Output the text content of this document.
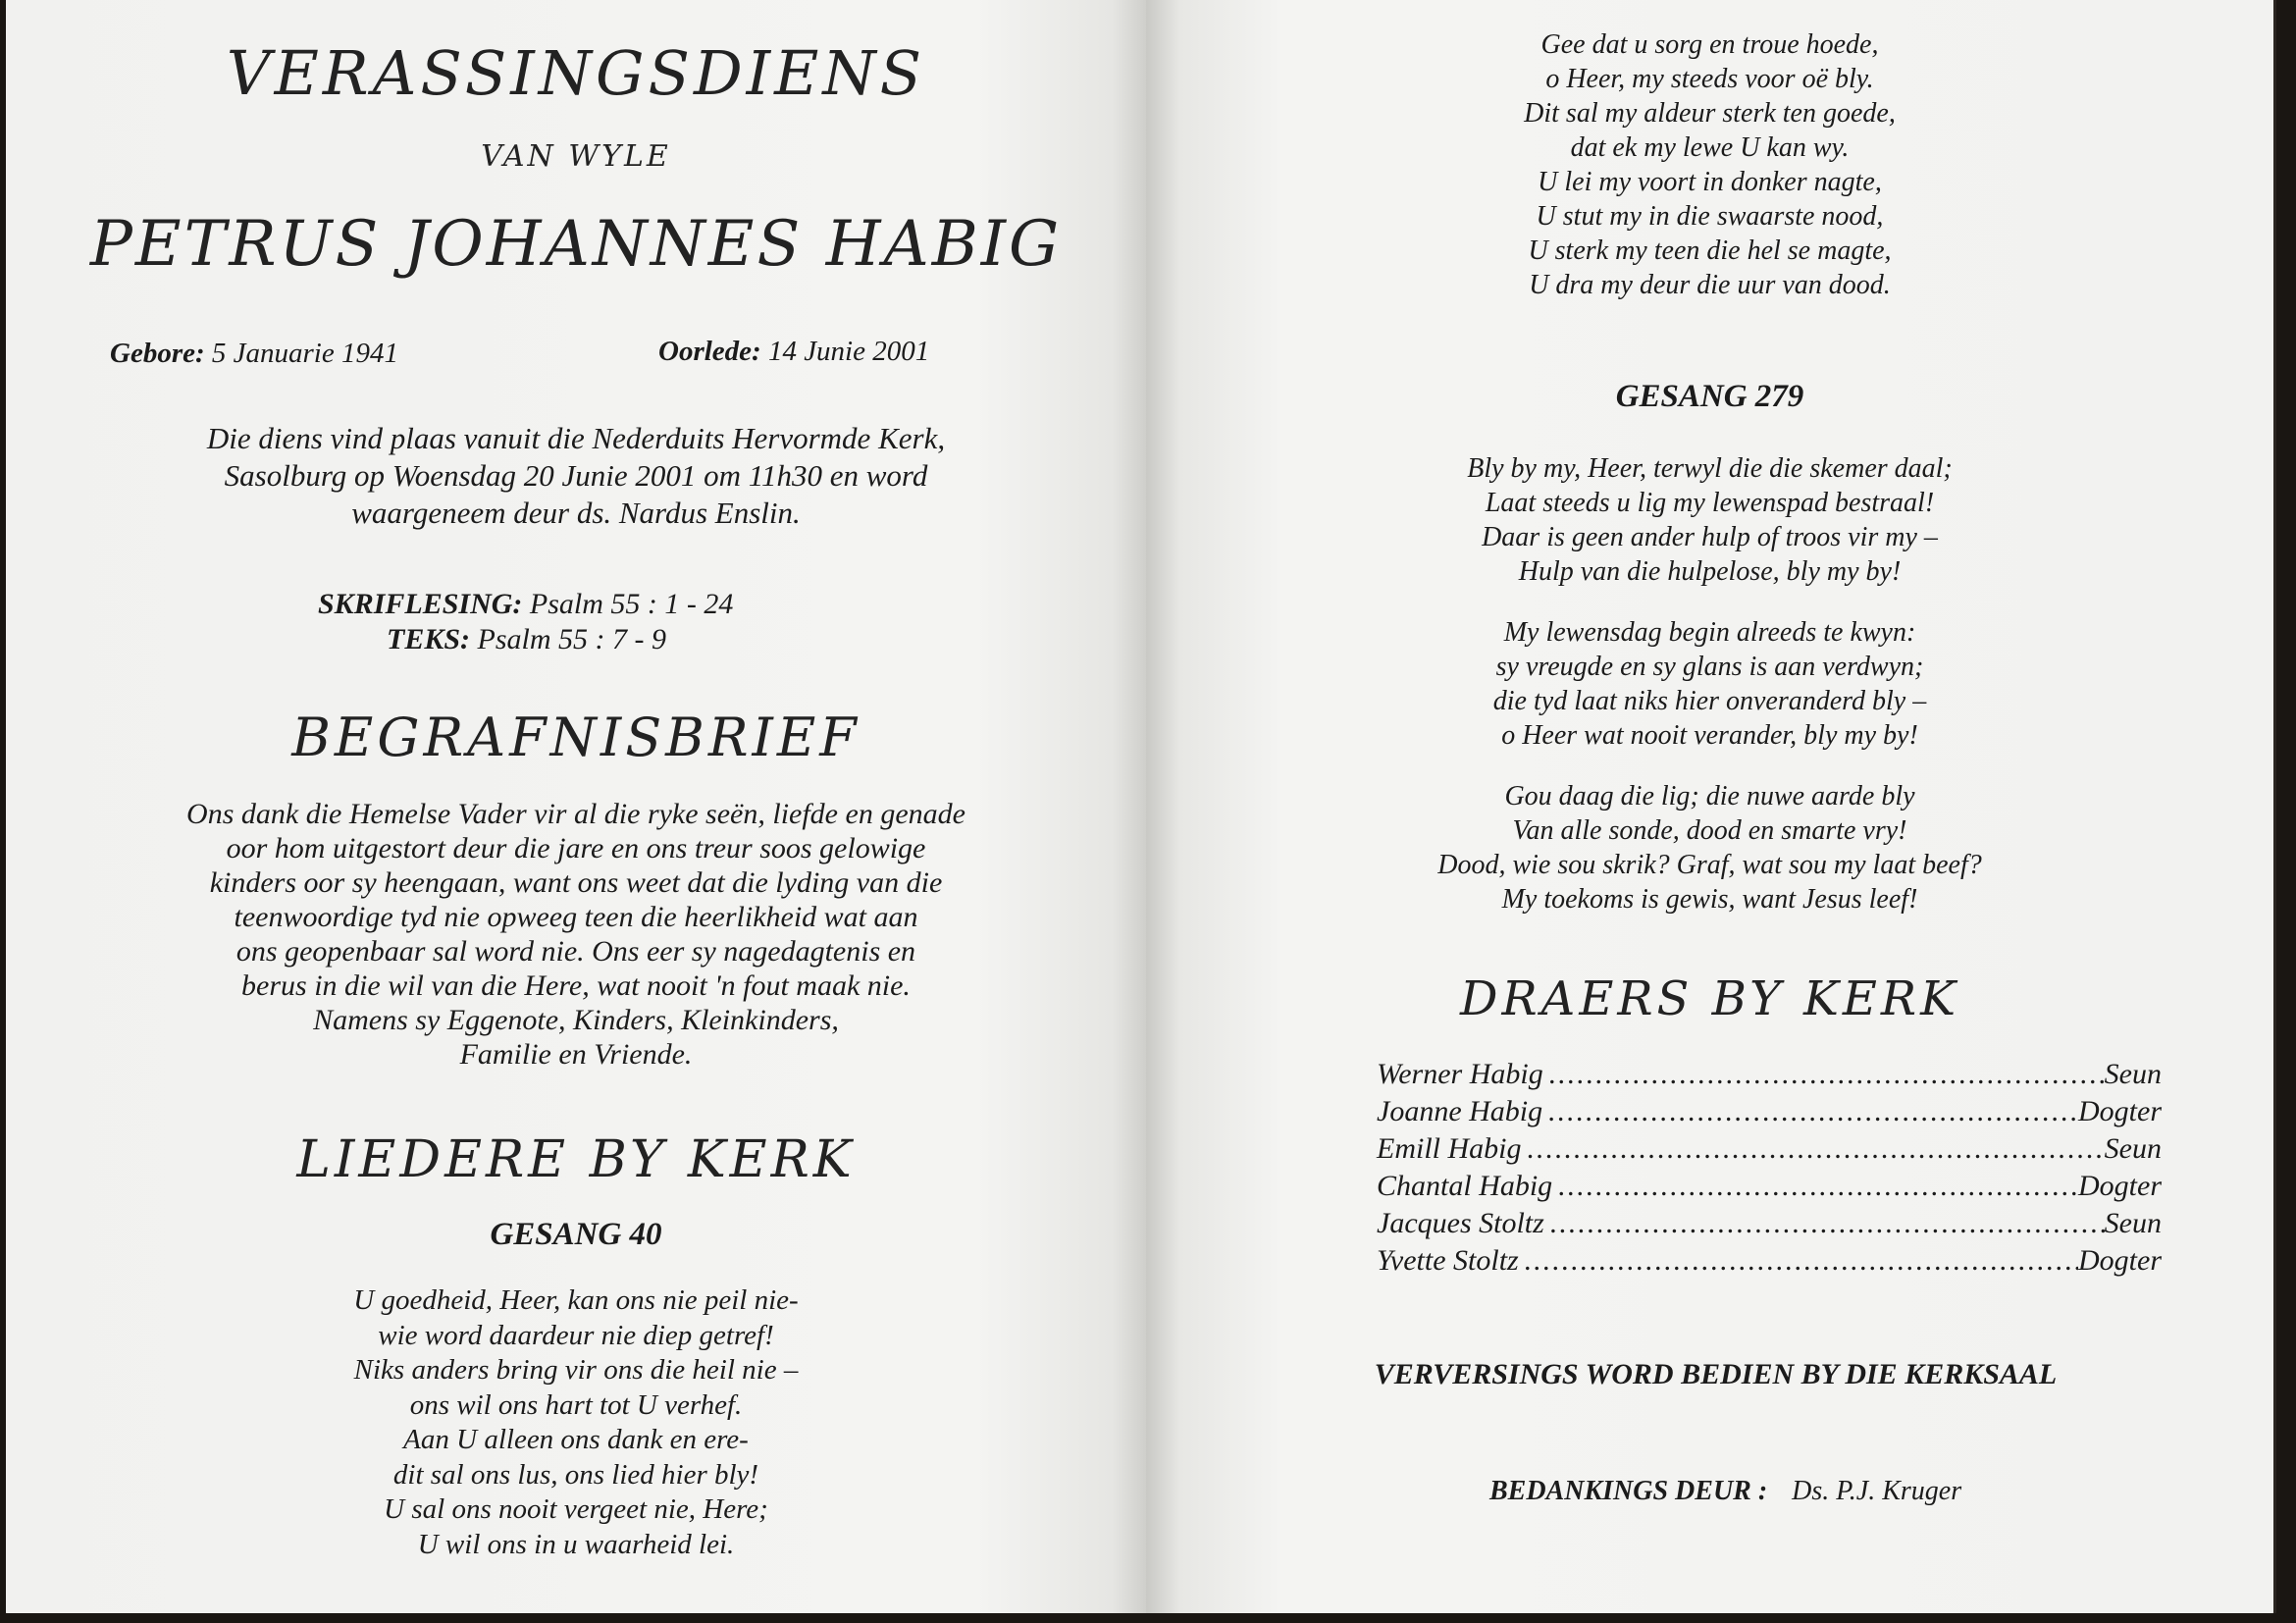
VERASSINGSDIENS
VAN WYLE
PETRUS JOHANNES HABIG
Gebore: 5 Januarie 1941	Oorlede: 14 Junie 2001
Die diens vind plaas vanuit die Nederduits Hervormde Kerk,
Sasolburg op Woensdag 20 Junie 2001 om 11h30 en word
waargeneem deur ds. Nardus Enslin.
SKRIFLESING: Psalm 55 : 1 - 24
TEKS: Psalm 55 : 7 - 9
BEGRAFNISBRIEF
Ons dank die Hemelse Vader vir al die ryke seën, liefde en genade
oor hom uitgestort deur die jare en ons treur soos gelowige
kinders oor sy heengaan, want ons weet dat die lyding van die
teenwoordige tyd nie opweeg teen die heerlikheid wat aan
ons geopenbaar sal word nie. Ons eer sy nagedagtenis en
berus in die wil van die Here, wat nooit 'n fout maak nie.
Namens sy Eggenote, Kinders, Kleinkinders,
Familie en Vriende.
LIEDERE BY KERK
GESANG 40
U goedheid, Heer, kan ons nie peil nie-
wie word daardeur nie diep getref!
Niks anders bring vir ons die heil nie –
ons wil ons hart tot U verhef.
Aan U alleen ons dank en ere-
dit sal ons lus, ons lied hier bly!
U sal ons nooit vergeet nie, Here;
U wil ons in u waarheid lei.
Gee dat u sorg en troue hoede,
o Heer, my steeds voor oë bly.
Dit sal my aldeur sterk ten goede,
dat ek my lewe U kan wy.
U lei my voort in donker nagte,
U stut my in die swaarste nood,
U sterk my teen die hel se magte,
U dra my deur die uur van dood.
GESANG 279
Bly by my, Heer, terwyl die die skemer daal;
Laat steeds u lig my lewenspad bestraal!
Daar is geen ander hulp of troos vir my –
Hulp van die hulpelose, bly my by!
My lewensdag begin alreeds te kwyn:
sy vreugde en sy glans is aan verdwyn;
die tyd laat niks hier onveranderd bly –
o Heer wat nooit verander, bly my by!
Gou daag die lig; die nuwe aarde bly
Van alle sonde, dood en smarte vry!
Dood, wie sou skrik? Graf, wat sou my laat beef?
My toekoms is gewis, want Jesus leef!
DRAERS BY KERK
Werner Habig .....	Seun
Joanne Habig .....	Dogter
Emill Habig .....	Seun
Chantal Habig .....	Dogter
Jacques Stoltz .....	Seun
Yvette Stoltz .....	Dogter
VERVERSINGS WORD BEDIEN BY DIE KERKSAAL
BEDANKINGS DEUR : Ds. P.J. Kruger
